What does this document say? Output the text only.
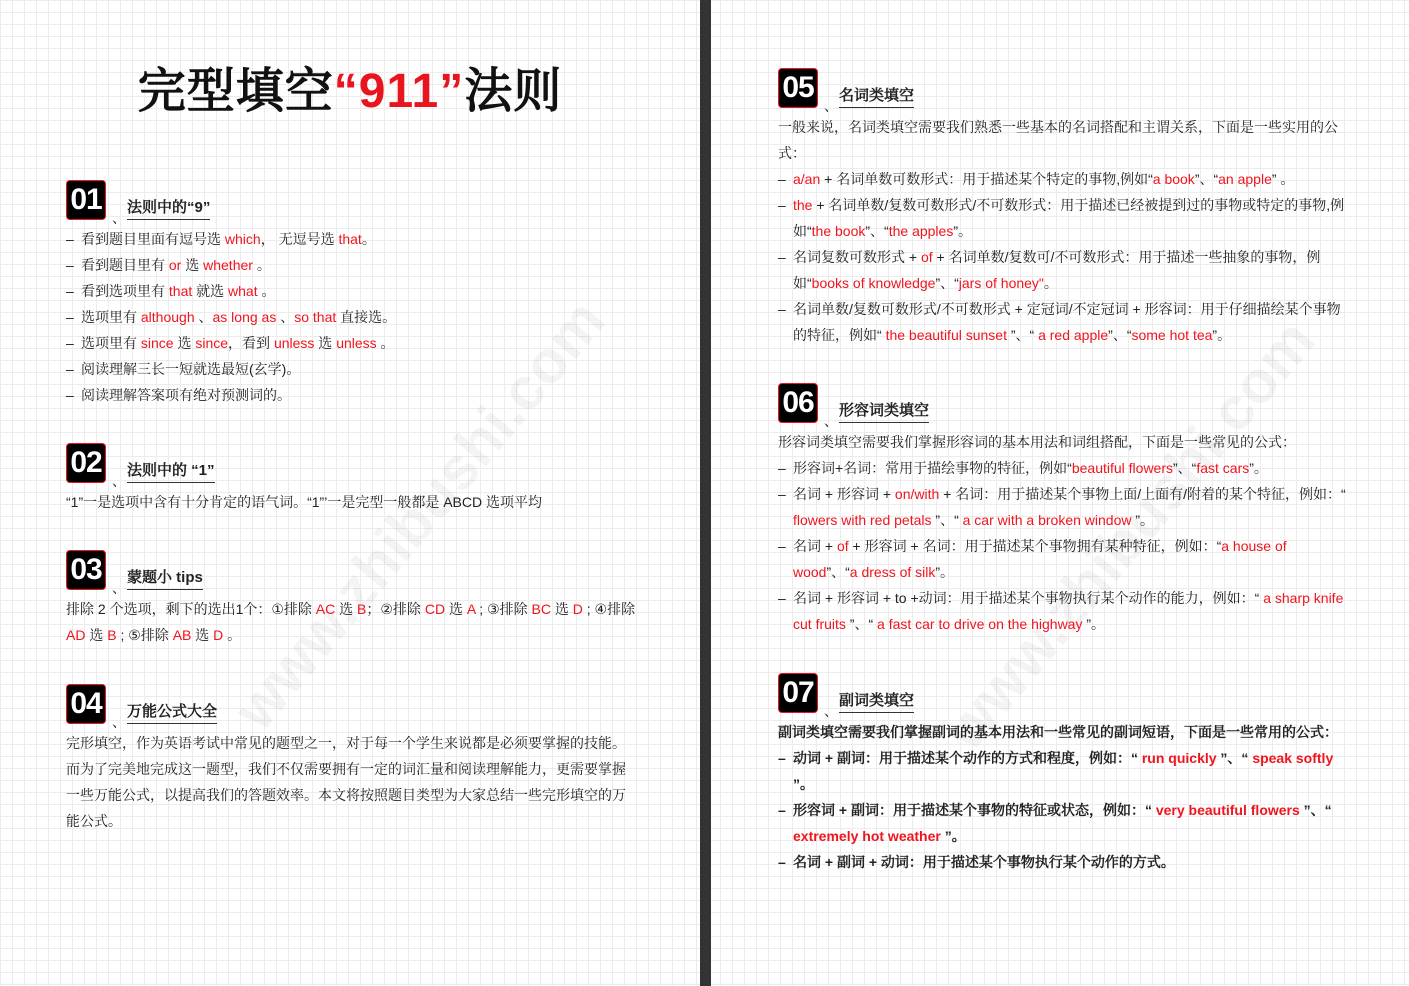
完型填空“911”法则
01
、
法则中的“9”
– 看到题目里面有逗号选 which， 无逗号选 that。
– 看到题目里有 or 选 whether 。
– 看到选项里有 that 就选 what 。
– 选项里有 although 、as long as 、so that 直接选。
– 选项里有 since 选 since，看到 unless 选 unless 。
– 阅读理解三长一短就选最短(玄学)。
– 阅读理解答案项有绝对预测词的。
02
、
法则中的 “1”
“1”一是选项中含有十分肯定的语气词。“1”’一是完型一般都是 ABCD 选项平均
03
、
蒙题小 tips
排除 2 个选项，剩下的选出1个：①排除 AC 选 B；②排除 CD 选 A ; ③排除 BC 选 D ; ④排除 AD 选 B ; ⑤排除 AB 选 D 。
04
、
万能公式大全
完形填空，作为英语考试中常见的题型之一，对于每一个学生来说都是必须要掌握的技能。而为了完美地完成这一题型，我们不仅需要拥有一定的词汇量和阅读理解能力，更需要掌握一些万能公式，以提高我们的答题效率。本文将按照题目类型为大家总结一些完形填空的万能公式。
05
、
名词类填空
一般来说，名词类填空需要我们熟悉一些基本的名词搭配和主谓关系，下面是一些实用的公式：
– a/an + 名词单数可数形式：用于描述某个特定的事物,例如“a book”、“an apple” 。
– the + 名词单数/复数可数形式/不可数形式：用于描述已经被提到过的事物或特定的事物,例如“the book”、“the apples”。
– 名词复数可数形式 + of + 名词单数/复数可/不可数形式：用于描述一些抽象的事物，例如“books of knowledge”、“jars of honey"。
– 名词单数/复数可数形式/不可数形式 + 定冠词/不定冠词 + 形容词：用于仔细描绘某个事物的特征，例如“ the beautiful sunset ”、“ a red apple”、“some hot tea”。
06
、
形容词类填空
形容词类填空需要我们掌握形容词的基本用法和词组搭配，下面是一些常见的公式：
– 形容词+名词：常用于描绘事物的特征，例如“beautiful flowers”、“fast cars”。
– 名词 + 形容词 + on/with + 名词：用于描述某个事物上面/上面有/附着的某个特征，例如：“ flowers with red petals ”、“ a car with a broken window ”。
– 名词 + of + 形容词 + 名词：用于描述某个事物拥有某种特征，例如：“a house of wood”、“a dress of silk”。
– 名词 + 形容词 + to +动词：用于描述某个事物执行某个动作的能力，例如：“ a sharp knife cut fruits ”、“ a fast car to drive on the highway ”。
07
、
副词类填空
副词类填空需要我们掌握副词的基本用法和一些常见的副词短语，下面是一些常用的公式：
– 动词 + 副词：用于描述某个动作的方式和程度，例如：“ run quickly ”、“ speak softly ”。
– 形容词 + 副词：用于描述某个事物的特征或状态，例如：“ very beautiful flowers ”、“ extremely hot weather ”。
– 名词 + 副词 + 动词：用于描述某个事物执行某个动作的方式。
